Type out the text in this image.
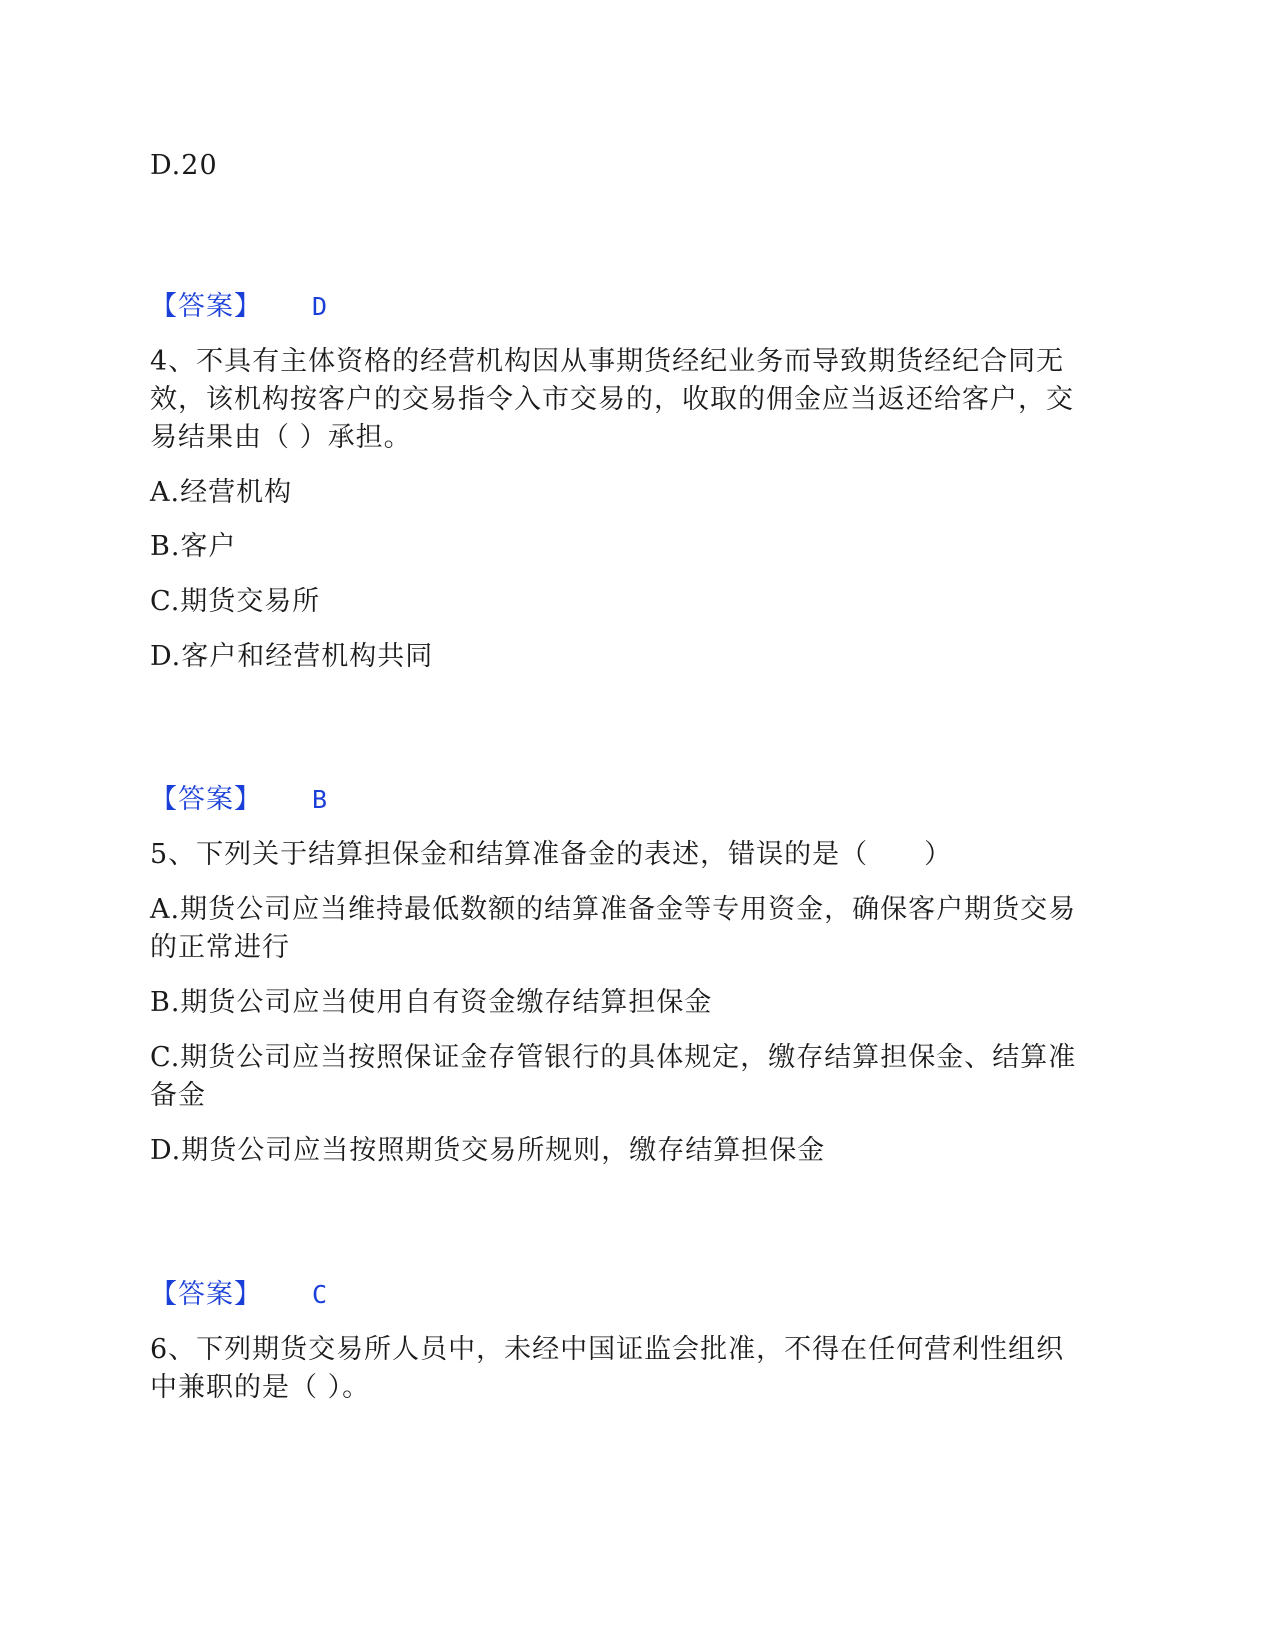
D.20
【答案】 D
4、不具有主体资格的经营机构因从事期货经纪业务而导致期货经纪合同无
效，该机构按客户的交易指令入市交易的，收取的佣金应当返还给客户，交
易结果由（ ）承担。
A.经营机构
B.客户
C.期货交易所
D.客户和经营机构共同
【答案】 B
5、下列关于结算担保金和结算准备金的表述，错误的是（　　）
A.期货公司应当维持最低数额的结算准备金等专用资金，确保客户期货交易
的正常进行
B.期货公司应当使用自有资金缴存结算担保金
C.期货公司应当按照保证金存管银行的具体规定，缴存结算担保金、结算准
备金
D.期货公司应当按照期货交易所规则，缴存结算担保金
【答案】 C
6、下列期货交易所人员中，未经中国证监会批准，不得在任何营利性组织
中兼职的是（ ）。
